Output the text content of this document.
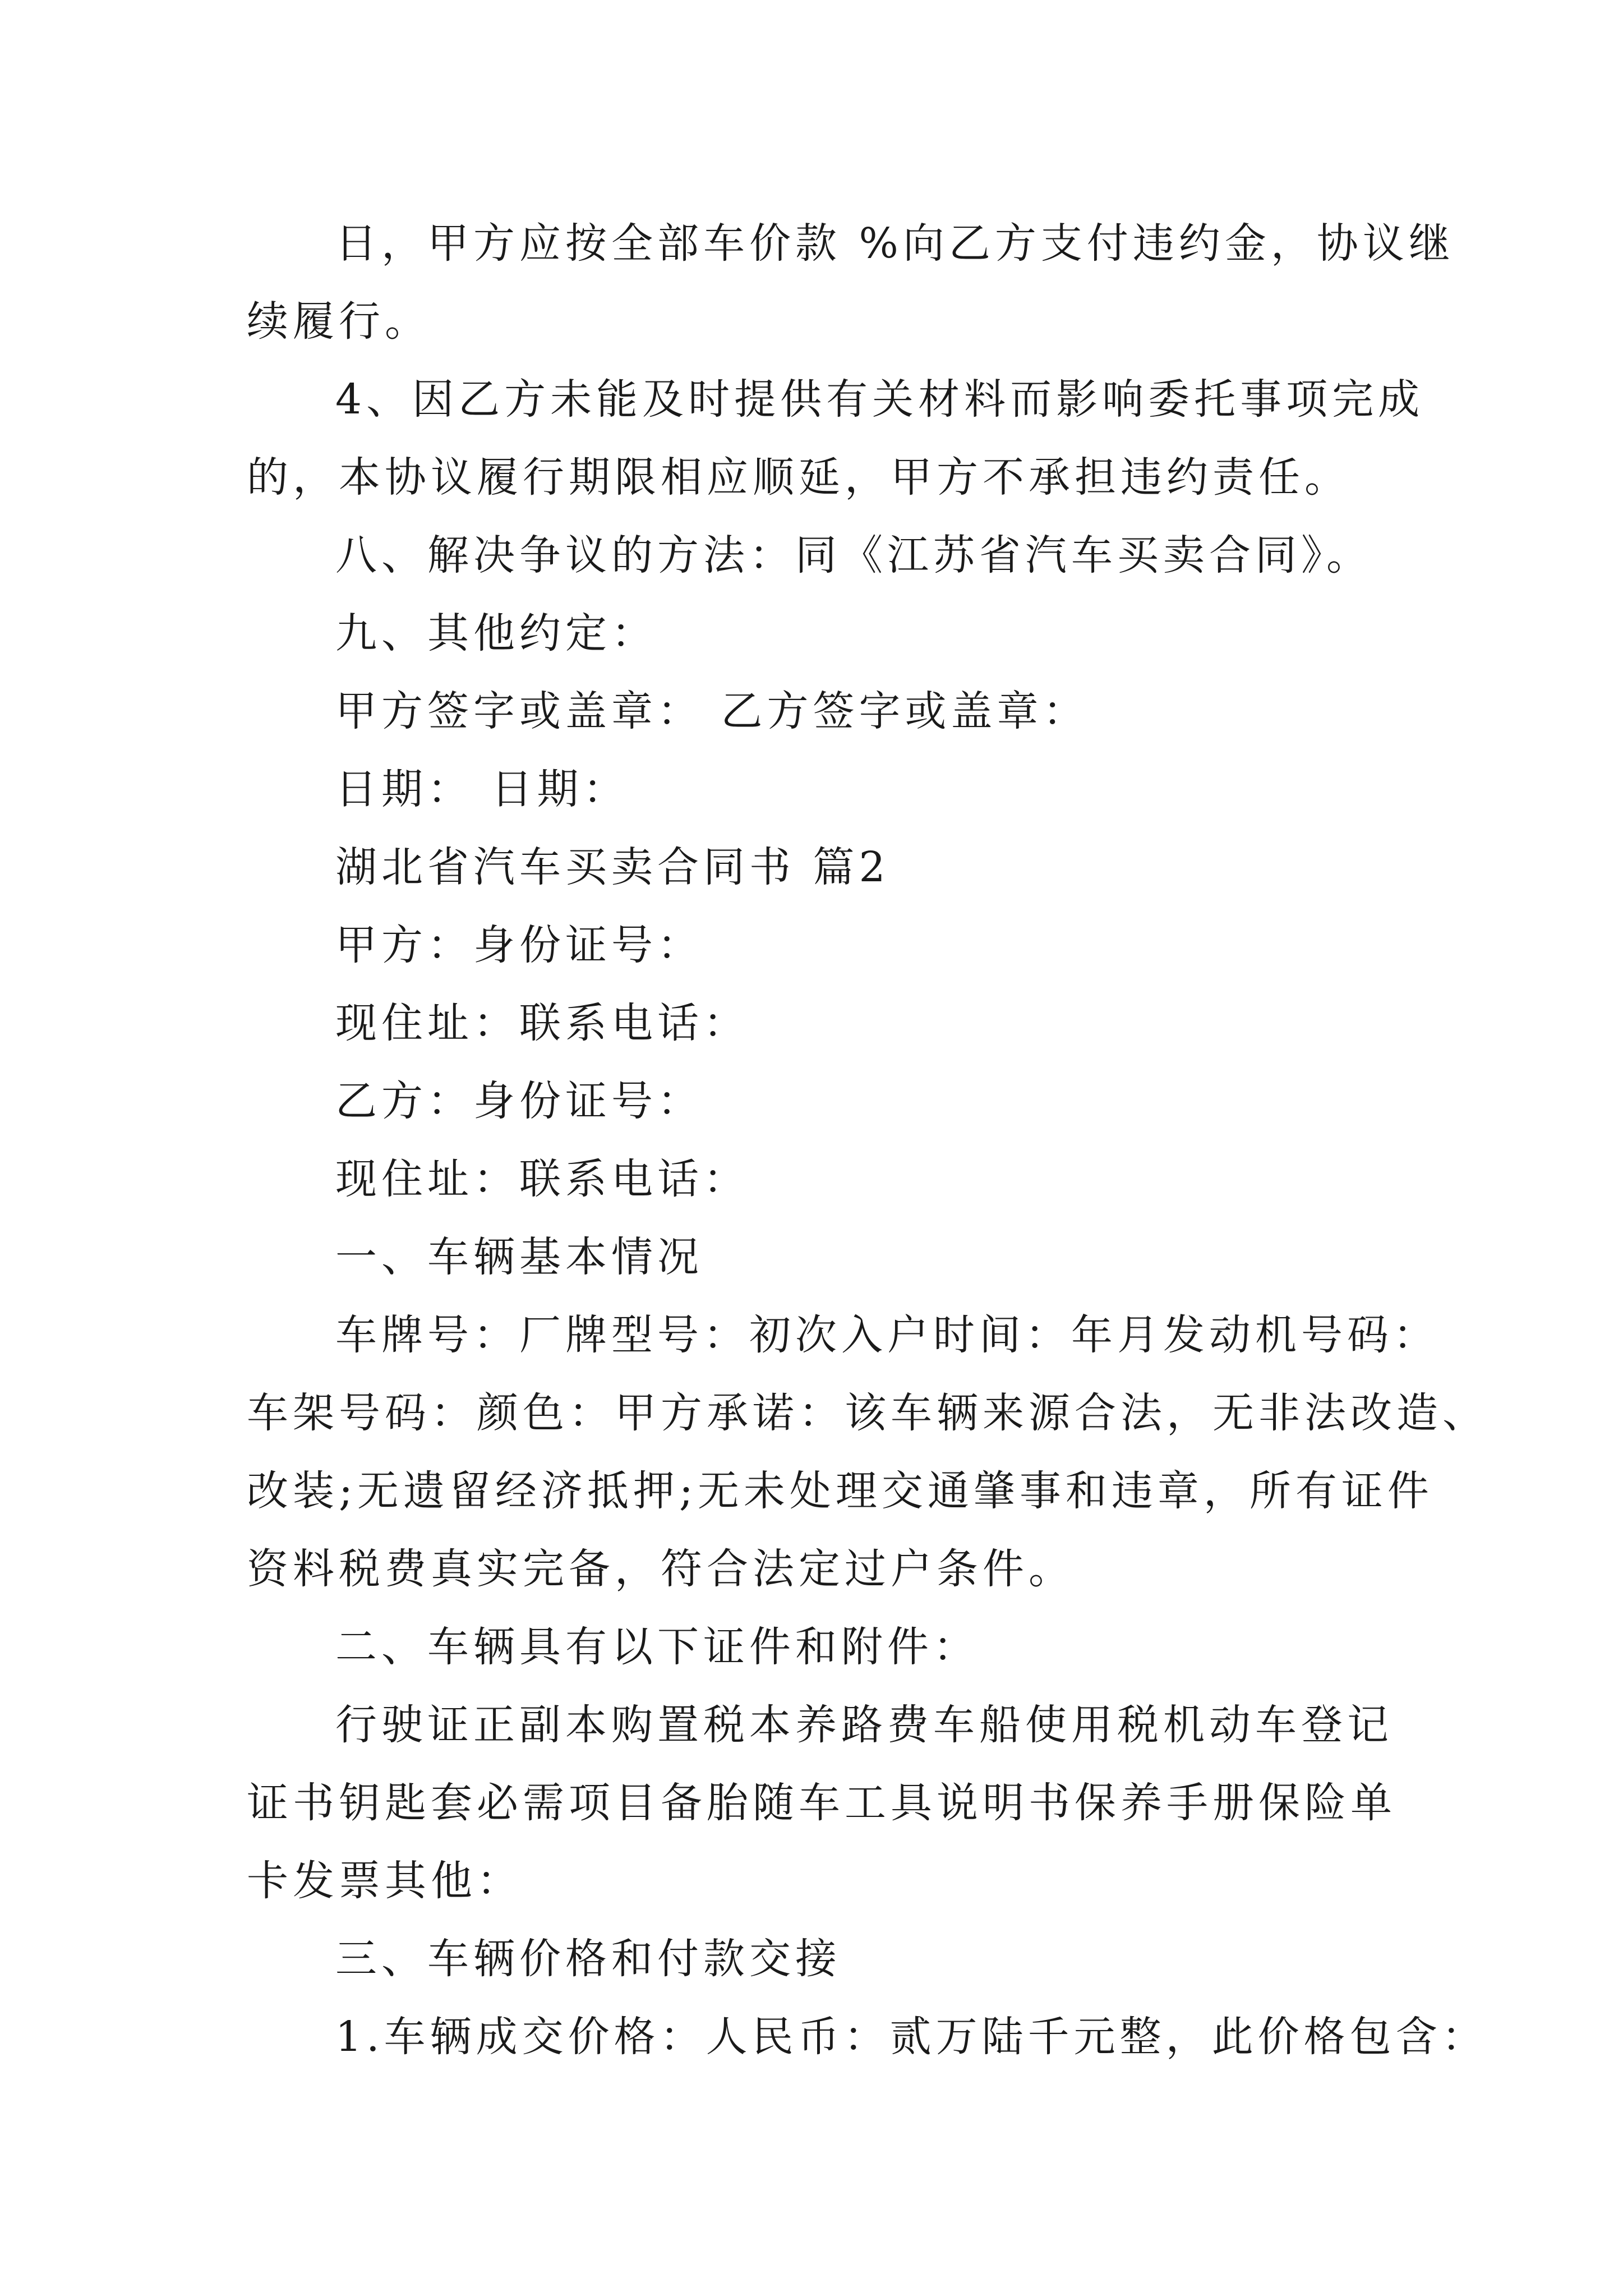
日，甲方应按全部车价款 %向乙方支付违约金，协议继
续履行。
4、因乙方未能及时提供有关材料而影响委托事项完成
的，本协议履行期限相应顺延，甲方不承担违约责任。
八、解决争议的方法：同《江苏省汽车买卖合同》。
九、其他约定：
甲方签字或盖章： 乙方签字或盖章：
日期： 日期：
湖北省汽车买卖合同书 篇2
甲方：身份证号：
现住址：联系电话：
乙方：身份证号：
现住址：联系电话：
一、车辆基本情况
车牌号：厂牌型号：初次入户时间：年月发动机号码：
车架号码：颜色：甲方承诺：该车辆来源合法，无非法改造、
改装;无遗留经济抵押;无未处理交通肇事和违章，所有证件
资料税费真实完备，符合法定过户条件。
二、车辆具有以下证件和附件：
行驶证正副本购置税本养路费车船使用税机动车登记
证书钥匙套必需项目备胎随车工具说明书保养手册保险单
卡发票其他：
三、车辆价格和付款交接
1.车辆成交价格：人民币：贰万陆千元整，此价格包含：
